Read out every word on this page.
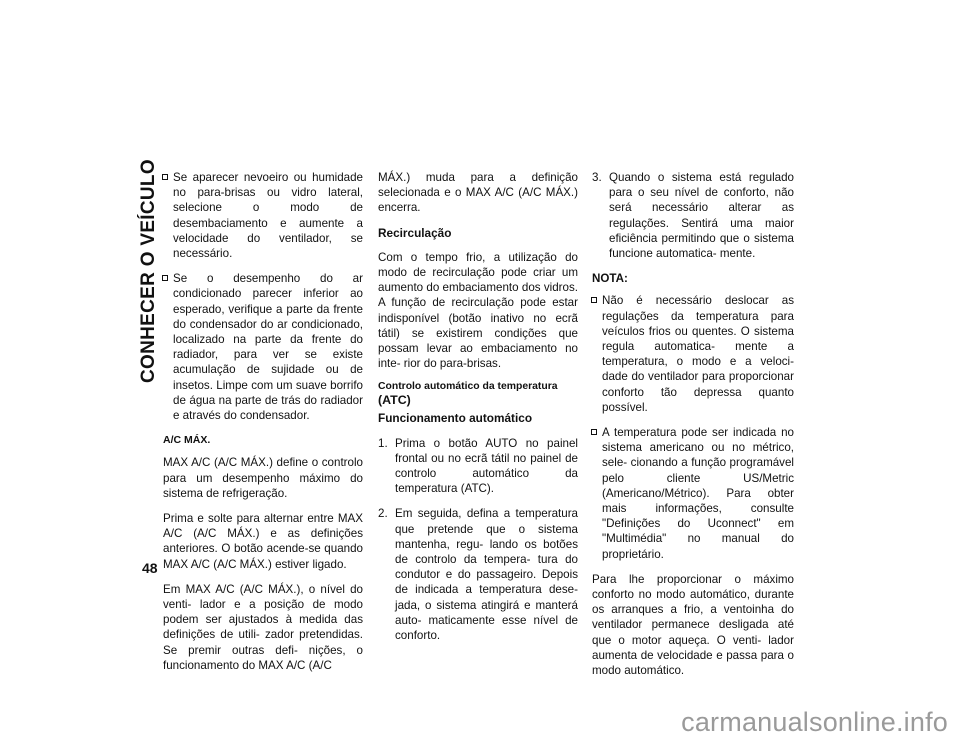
CONHECER O VEÍCULO
48
Se aparecer nevoeiro ou humidade no para-brisas ou vidro lateral, selecione o modo de desembaciamento e aumente a velocidade do ventilador, se necessário.
Se o desempenho do ar condicionado parecer inferior ao esperado, verifique a parte da frente do condensador do ar condicionado, localizado na parte da frente do radiador, para ver se existe acumulação de sujidade ou de insetos. Limpe com um suave borrifo de água na parte de trás do radiador e através do condensador.
A/C MÁX.

MAX A/C (A/C MÁX.) define o controlo para um desempenho máximo do sistema de refrigeração.

Prima e solte para alternar entre MAX A/C (A/C MÁX.) e as definições anteriores. O botão acende-se quando MAX A/C (A/C MÁX.) estiver ligado.

Em MAX A/C (A/C MÁX.), o nível do venti- lador e a posição de modo podem ser ajustados à medida das definições de utili- zador pretendidas. Se premir outras defi- nições, o funcionamento do MAX A/C (A/C

MÁX.) muda para a definição selecionada e o MAX A/C (A/C MÁX.) encerra.

Recirculação

Com o tempo frio, a utilização do modo de recirculação pode criar um aumento do embaciamento dos vidros. A função de recirculação pode estar indisponível (botão inativo no ecrã tátil) se existirem condições que possam levar ao embaciamento no inte- rior do para-brisas.

Controlo automático da temperatura
(ATC)
Funcionamento automático
1. Prima o botão AUTO no painel frontal ou no ecrã tátil no painel de controlo automático da temperatura (ATC).
2. Em seguida, defina a temperatura que pretende que o sistema mantenha, regu- lando os botões de controlo da tempera- tura do condutor e do passageiro. Depois de indicada a temperatura dese- jada, o sistema atingirá e manterá auto- maticamente esse nível de conforto.
3. Quando o sistema está regulado para o seu nível de conforto, não será necessário alterar as regulações. Sentirá uma maior eficiência permitindo que o sistema funcione automatica- mente.
NOTA:
Não é necessário deslocar as regulações da temperatura para veículos frios ou quentes. O sistema regula automatica- mente a temperatura, o modo e a veloci- dade do ventilador para proporcionar conforto tão depressa quanto possível.
A temperatura pode ser indicada no sistema americano ou no métrico, sele- cionando a função programável pelo cliente US/Metric (Americano/Métrico). Para obter mais informações, consulte "Definições do Uconnect" em "Multimédia" no manual do proprietário.

Para lhe proporcionar o máximo conforto no modo automático, durante os arranques a frio, a ventoinha do ventilador permanece desligada até que o motor aqueça. O venti- lador aumenta de velocidade e passa para o modo automático.

carmanualsonline.info
